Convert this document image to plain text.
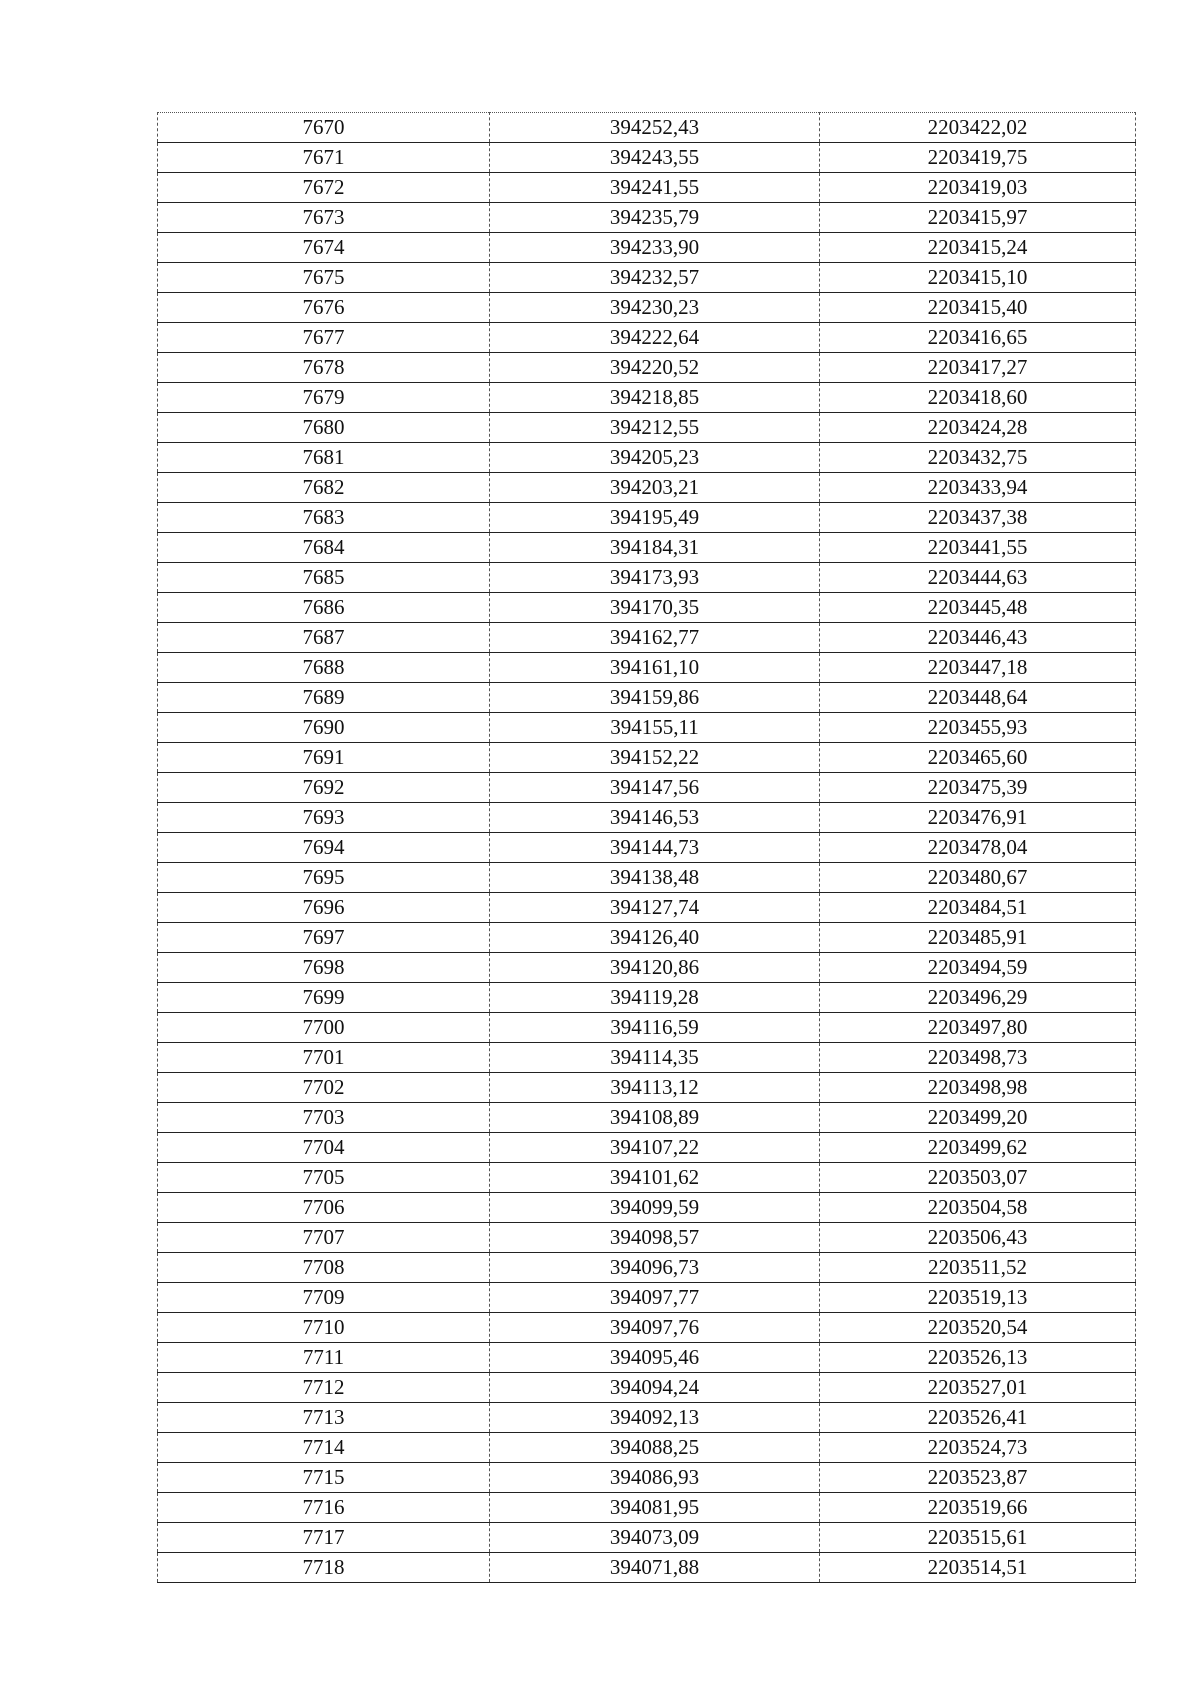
7670	394252,43	2203422,02
7671	394243,55	2203419,75
7672	394241,55	2203419,03
7673	394235,79	2203415,97
7674	394233,90	2203415,24
7675	394232,57	2203415,10
7676	394230,23	2203415,40
7677	394222,64	2203416,65
7678	394220,52	2203417,27
7679	394218,85	2203418,60
7680	394212,55	2203424,28
7681	394205,23	2203432,75
7682	394203,21	2203433,94
7683	394195,49	2203437,38
7684	394184,31	2203441,55
7685	394173,93	2203444,63
7686	394170,35	2203445,48
7687	394162,77	2203446,43
7688	394161,10	2203447,18
7689	394159,86	2203448,64
7690	394155,11	2203455,93
7691	394152,22	2203465,60
7692	394147,56	2203475,39
7693	394146,53	2203476,91
7694	394144,73	2203478,04
7695	394138,48	2203480,67
7696	394127,74	2203484,51
7697	394126,40	2203485,91
7698	394120,86	2203494,59
7699	394119,28	2203496,29
7700	394116,59	2203497,80
7701	394114,35	2203498,73
7702	394113,12	2203498,98
7703	394108,89	2203499,20
7704	394107,22	2203499,62
7705	394101,62	2203503,07
7706	394099,59	2203504,58
7707	394098,57	2203506,43
7708	394096,73	2203511,52
7709	394097,77	2203519,13
7710	394097,76	2203520,54
7711	394095,46	2203526,13
7712	394094,24	2203527,01
7713	394092,13	2203526,41
7714	394088,25	2203524,73
7715	394086,93	2203523,87
7716	394081,95	2203519,66
7717	394073,09	2203515,61
7718	394071,88	2203514,51
